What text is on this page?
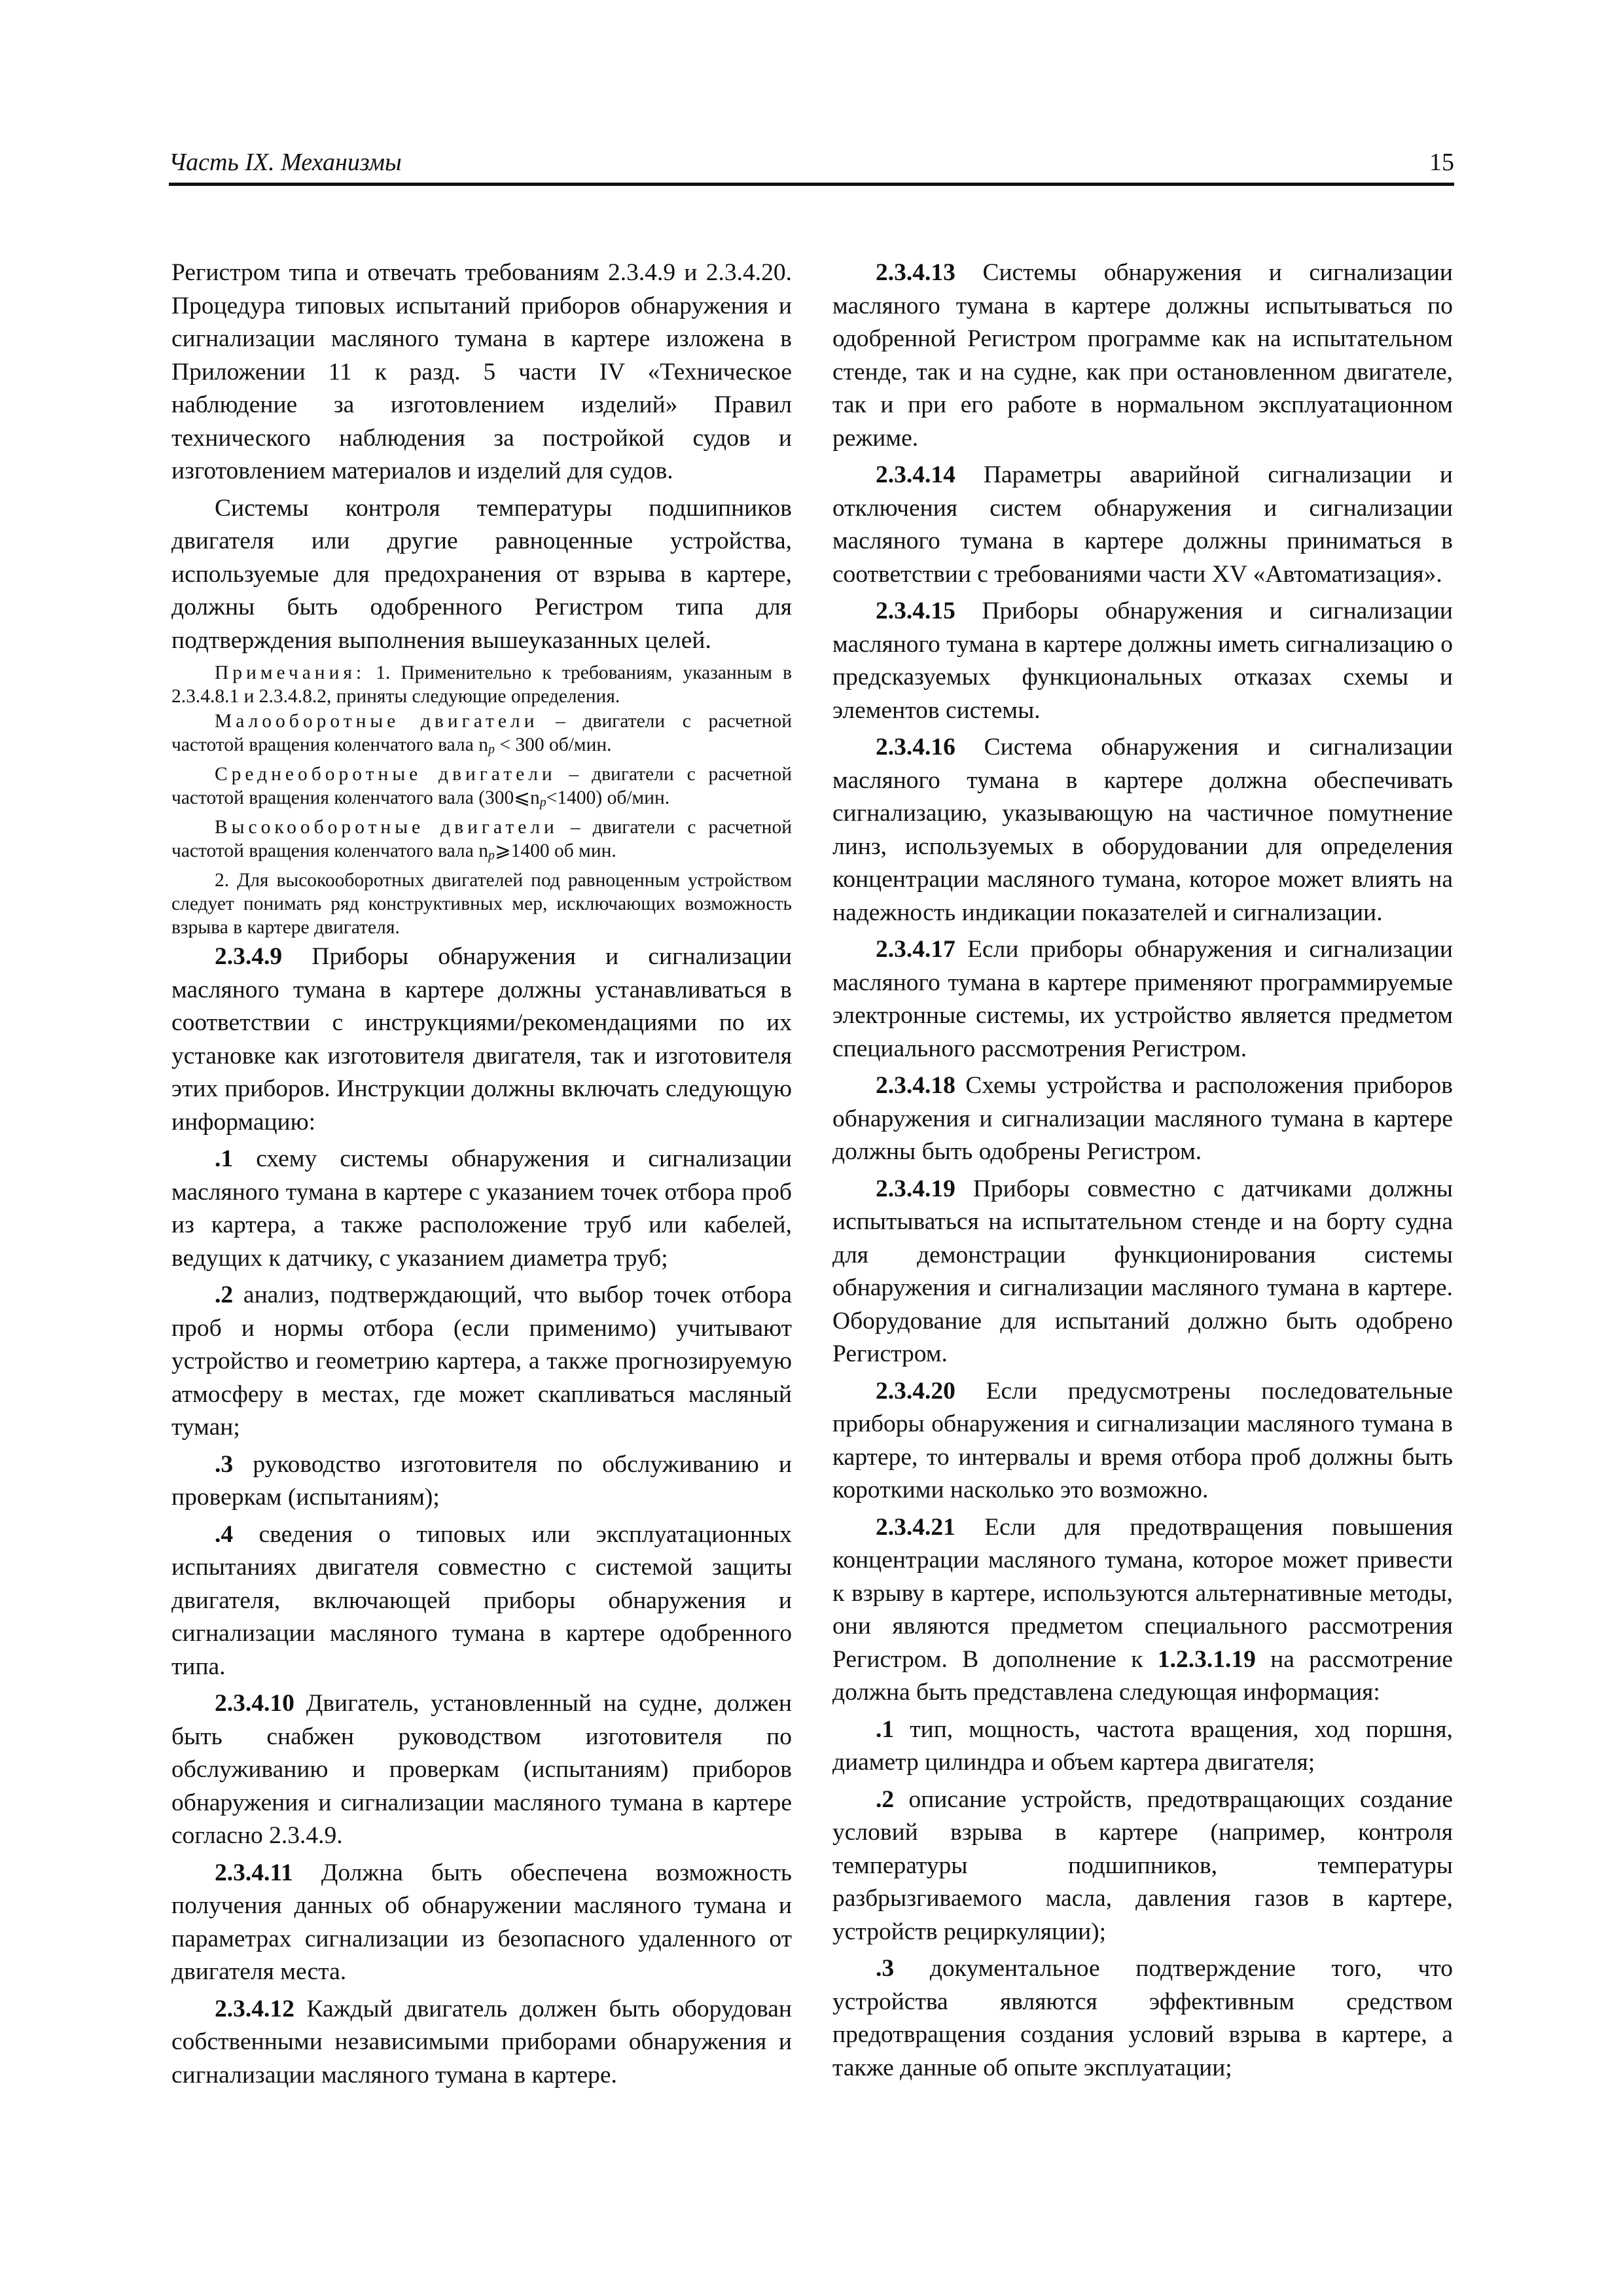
Часть IX. Механизмы	15

Регистром типа и отвечать требованиям 2.3.4.9 и 2.3.4.20. Процедура типовых испытаний приборов обнаружения и сигнализации масляного тумана в картере изложена в Приложении 11 к разд. 5 части IV «Техническое наблюдение за изготовлением изделий» Правил технического наблюдения за постройкой судов и изготовлением материалов и изделий для судов.

Системы контроля температуры подшипников двигателя или другие равноценные устройства, используемые для предохранения от взрыва в картере, должны быть одобренного Регистром типа для подтверждения выполнения вышеуказанных целей.

Примечания: 1. Применительно к требованиям, указанным в 2.3.4.8.1 и 2.3.4.8.2, приняты следующие определения.

Малооборотные двигатели – двигатели с расчетной частотой вращения коленчатого вала $n_р < 300$ об/мин.

Среднеоборотные двигатели – двигатели с расчетной частотой вращения коленчатого вала $(300⩽n_р<1400)$ об/мин.

Высокооборотные двигатели – двигатели с расчетной частотой вращения коленчатого вала $n_р⩾1400$ об мин.

2. Для высокооборотных двигателей под равноценным устройством следует понимать ряд конструктивных мер, исключающих возможность взрыва в картере двигателя.

2.3.4.9 Приборы обнаружения и сигнализации масляного тумана в картере должны устанавливаться в соответствии с инструкциями/рекомендациями по их установке как изготовителя двигателя, так и изготовителя этих приборов. Инструкции должны включать следующую информацию:

.1 схему системы обнаружения и сигнализации масляного тумана в картере с указанием точек отбора проб из картера, а также расположение труб или кабелей, ведущих к датчику, с указанием диаметра труб;

.2 анализ, подтверждающий, что выбор точек отбора проб и нормы отбора (если применимо) учитывают устройство и геометрию картера, а также прогнозируемую атмосферу в местах, где может скапливаться масляный туман;

.3 руководство изготовителя по обслуживанию и проверкам (испытаниям);

.4 сведения о типовых или эксплуатационных испытаниях двигателя совместно с системой защиты двигателя, включающей приборы обнаружения и сигнализации масляного тумана в картере одобренного типа.

2.3.4.10 Двигатель, установленный на судне, должен быть снабжен руководством изготовителя по обслуживанию и проверкам (испытаниям) приборов обнаружения и сигнализации масляного тумана в картере согласно 2.3.4.9.

2.3.4.11 Должна быть обеспечена возможность получения данных об обнаружении масляного тумана и параметрах сигнализации из безопасного удаленного от двигателя места.

2.3.4.12 Каждый двигатель должен быть оборудован собственными независимыми приборами обнаружения и сигнализации масляного тумана в картере.

2.3.4.13 Системы обнаружения и сигнализации масляного тумана в картере должны испытываться по одобренной Регистром программе как на испытательном стенде, так и на судне, как при остановленном двигателе, так и при его работе в нормальном эксплуатационном режиме.

2.3.4.14 Параметры аварийной сигнализации и отключения систем обнаружения и сигнализации масляного тумана в картере должны приниматься в соответствии с требованиями части XV «Автоматизация».

2.3.4.15 Приборы обнаружения и сигнализации масляного тумана в картере должны иметь сигнализацию о предсказуемых функциональных отказах схемы и элементов системы.

2.3.4.16 Система обнаружения и сигнализации масляного тумана в картере должна обеспечивать сигнализацию, указывающую на частичное помутнение линз, используемых в оборудовании для определения концентрации масляного тумана, которое может влиять на надежность индикации показателей и сигнализации.

2.3.4.17 Если приборы обнаружения и сигнализации масляного тумана в картере применяют программируемые электронные системы, их устройство является предметом специального рассмотрения Регистром.

2.3.4.18 Схемы устройства и расположения приборов обнаружения и сигнализации масляного тумана в картере должны быть одобрены Регистром.

2.3.4.19 Приборы совместно с датчиками должны испытываться на испытательном стенде и на борту судна для демонстрации функционирования системы обнаружения и сигнализации масляного тумана в картере. Оборудование для испытаний должно быть одобрено Регистром.

2.3.4.20 Если предусмотрены последовательные приборы обнаружения и сигнализации масляного тумана в картере, то интервалы и время отбора проб должны быть короткими насколько это возможно.

2.3.4.21 Если для предотвращения повышения концентрации масляного тумана, которое может привести к взрыву в картере, используются альтернативные методы, они являются предметом специального рассмотрения Регистром. В дополнение к 1.2.3.1.19 на рассмотрение должна быть представлена следующая информация:

.1 тип, мощность, частота вращения, ход поршня, диаметр цилиндра и объем картера двигателя;

.2 описание устройств, предотвращающих создание условий взрыва в картере (например, контроля температуры подшипников, температуры разбрызгиваемого масла, давления газов в картере, устройств рециркуляции);

.3 документальное подтверждение того, что устройства являются эффективным средством предотвращения создания условий взрыва в картере, а также данные об опыте эксплуатации;
